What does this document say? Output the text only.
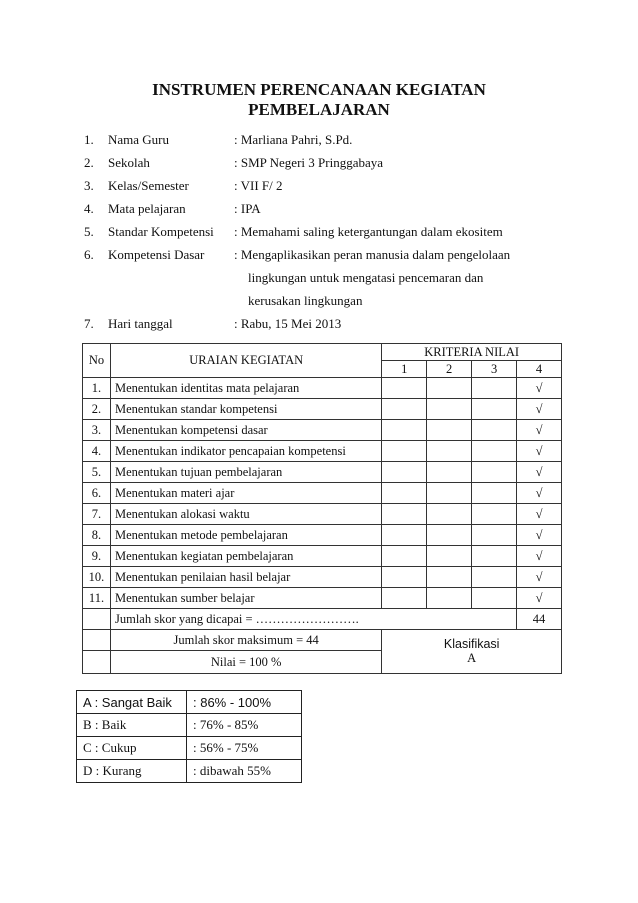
INSTRUMEN PERENCANAAN KEGIATAN
PEMBELAJARAN
1. Nama Guru	: Marliana Pahri, S.Pd.
2. Sekolah	: SMP Negeri 3 Pringgabaya
3. Kelas/Semester	: VII F/ 2
4. Mata pelajaran	: IPA
5. Standar Kompetensi : Memahami saling ketergantungan dalam ekositem
6. Kompetensi Dasar : Mengaplikasikan peran manusia dalam pengelolaan
lingkungan untuk mengatasi pencemaran dan
kerusakan lingkungan
7. Hari tanggal	: Rabu, 15 Mei 2013
No	URAIAN KEGIATAN	KRITERIA NILAI			
		1	2	3	4
1.	Menentukan identitas mata pelajaran				√
2.	Menentukan standar kompetensi				√
3.	Menentukan kompetensi dasar				√
4.	Menentukan indikator pencapaian kompetensi				√
5.	Menentukan tujuan pembelajaran				√
6.	Menentukan materi ajar				√
7.	Menentukan alokasi waktu				√
8.	Menentukan metode pembelajaran				√
9.	Menentukan kegiatan pembelajaran				√
10.	Menentukan penilaian hasil belajar				√
11.	Menentukan sumber belajar				√
	Jumlah skor yang dicapai = …………………….				44
	Jumlah skor maksimum = 44	Klasifikasi
A			

	Nilai = 100 %				
A : Sangat Baik	: 86% - 100%
B : Baik	: 76% - 85%
C : Cukup	: 56% - 75%
D : Kurang	: dibawah 55%
